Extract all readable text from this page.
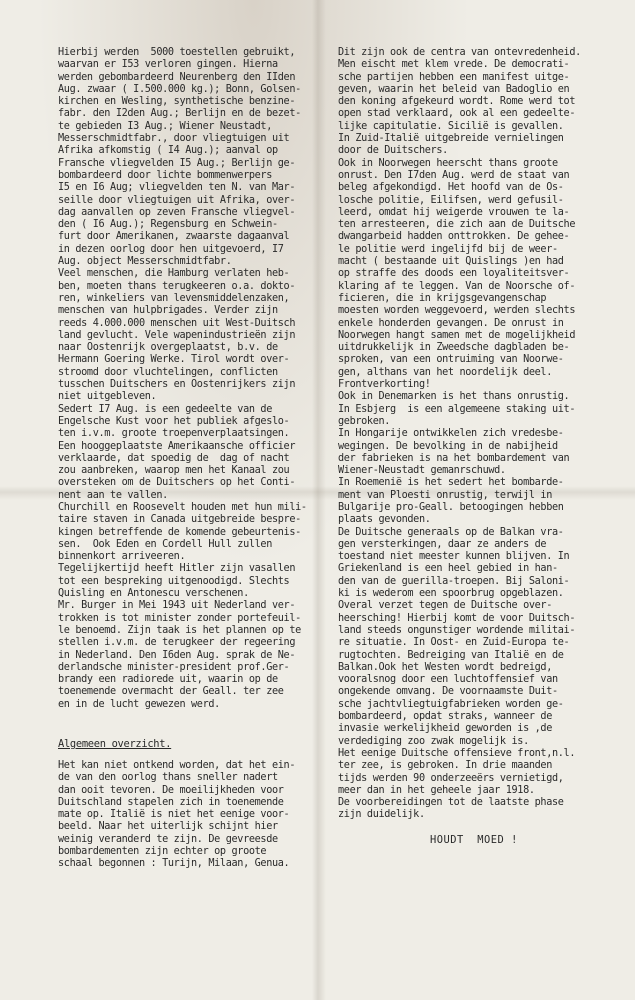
Hierbij werden  5000 toestellen gebruikt,
waarvan er I53 verloren gingen. Hierna
werden gebombardeerd Neurenberg den IIden
Aug. zwaar ( I.500.000 kg.); Bonn, Golsen-
kirchen en Wesling, synthetische benzine-
fabr. den I2den Aug.; Berlijn en de bezet-
te gebieden I3 Aug.; Wiener Neustadt,
Messerschmidtfabr., door vliegtuigen uit
Afrika afkomstig ( I4 Aug.); aanval op
Fransche vliegvelden I5 Aug.; Berlijn ge-
bombardeerd door lichte bommenwerpers
I5 en I6 Aug; vliegvelden ten N. van Mar-
seille door vliegtuigen uit Afrika, over-
dag aanvallen op zeven Fransche vliegvel-
den ( I6 Aug.); Regensburg en Schwein-
furt door Amerikanen, zwaarste dagaanval
in dezen oorlog door hen uitgevoerd, I7
Aug. object Messerschmidtfabr.
Veel menschen, die Hamburg verlaten heb-
ben, moeten thans terugkeeren o.a. dokto-
ren, winkeliers van levensmiddelenzaken,
menschen van hulpbrigades. Verder zijn
reeds 4.000.000 menschen uit West-Duitsch
land gevlucht. Vele wapenindustrieën zijn
naar Oostenrijk overgeplaatst, b.v. de
Hermann Goering Werke. Tirol wordt over-
stroomd door vluchtelingen, conflicten
tusschen Duitschers en Oostenrijkers zijn
niet uitgebleven.
Sedert I7 Aug. is een gedeelte van de
Engelsche Kust voor het publiek afgeslo-
ten i.v.m. groote troepenverplaatsingen.
Een hooggeplaatste Amerikaansche officier
verklaarde, dat spoedig de  dag of nacht
zou aanbreken, waarop men het Kanaal zou
oversteken om de Duitschers op het Conti-
nent aan te vallen.
Churchill en Roosevelt houden met hun mili-
taire staven in Canada uitgebreide bespre-
kingen betreffende de komende gebeurtenis-
sen.  Ook Eden en Cordell Hull zullen
binnenkort arriveeren.
Tegelijkertijd heeft Hitler zijn vasallen
tot een bespreking uitgenoodigd. Slechts
Quisling en Antonescu verschenen.
Mr. Burger in Mei 1943 uit Nederland ver-
trokken is tot minister zonder portefeuil-
le benoemd. Zijn taak is het plannen op te
stellen i.v.m. de terugkeer der regeering
in Nederland. Den I6den Aug. sprak de Ne-
derlandsche minister-president prof.Ger-
brandy een radiorede uit, waarin op de
toenemende overmacht der Geall. ter zee
en in de lucht gewezen werd.
Algemeen overzicht.
Het kan niet ontkend worden, dat het ein-
de van den oorlog thans sneller nadert
dan ooit tevoren. De moeilijkheden voor
Duitschland stapelen zich in toenemende
mate op. Italië is niet het eenige voor-
beeld. Naar het uiterlijk schijnt hier
weinig veranderd te zijn. De gevreesde
bombardementen zijn echter op groote
schaal begonnen : Turijn, Milaan, Genua.
Dit zijn ook de centra van ontevredenheid.
Men eischt met klem vrede. De democrati-
sche partijen hebben een manifest uitge-
geven, waarin het beleid van Badoglio en
den koning afgekeurd wordt. Rome werd tot
open stad verklaard, ook al een gedeelte-
lijke capitulatie. Sicilië is gevallen.
In Zuid-Italië uitgebreide vernielingen
door de Duitschers.
Ook in Noorwegen heerscht thans groote
onrust. Den I7den Aug. werd de staat van
beleg afgekondigd. Het hoofd van de Os-
losche politie, Eilifsen, werd gefusil-
leerd, omdat hij weigerde vrouwen te la-
ten arresteeren, die zich aan de Duitsche
dwangarbeid hadden onttrokken. De gehee-
le politie werd ingelijfd bij de weer-
macht ( bestaande uit Quislings )en had
op straffe des doods een loyaliteitsver-
klaring af te leggen. Van de Noorsche of-
ficieren, die in krijgsgevangenschap
moesten worden weggevoerd, werden slechts
enkele honderden gevangen. De onrust in
Noorwegen hangt samen met de mogelijkheid
uitdrukkelijk in Zweedsche dagbladen be-
sproken, van een ontruiming van Noorwe-
gen, althans van het noordelijk deel.
Frontverkorting!
Ook in Denemarken is het thans onrustig.
In Esbjerg  is een algemeene staking uit-
gebroken.
In Hongarije ontwikkelen zich vredesbe-
wegingen. De bevolking in de nabijheid
der fabrieken is na het bombardement van
Wiener-Neustadt gemanrschuwd.
In Roemenië is het sedert het bombarde-
ment van Ploesti onrustig, terwijl in
Bulgarije pro-Geall. betoogingen hebben
plaats gevonden.
De Duitsche generaals op de Balkan vra-
gen versterkingen, daar ze anders de
toestand niet meester kunnen blijven. In
Griekenland is een heel gebied in han-
den van de guerilla-troepen. Bij Saloni-
ki is wederom een spoorbrug opgeblazen.
Overal verzet tegen de Duitsche over-
heersching! Hierbij komt de voor Duitsch-
land steeds ongunstiger wordende militai-
re situatie. In Oost- en Zuid-Europa te-
rugtochten. Bedreiging van Italië en de
Balkan.Ook het Westen wordt bedreigd,
vooralsnog door een luchtoffensief van
ongekende omvang. De voornaamste Duit-
sche jachtvliegtuigfabrieken worden ge-
bombardeerd, opdat straks, wanneer de
invasie werkelijkheid geworden is ,de
verdediging zoo zwak mogelijk is.
Het eenige Duitsche offensieve front,n.l.
ter zee, is gebroken. In drie maanden
tijds werden 90 onderzeeërs vernietigd,
meer dan in het geheele jaar 1918.
De voorbereidingen tot de laatste phase
zijn duidelijk.
HOUDT  MOED !
